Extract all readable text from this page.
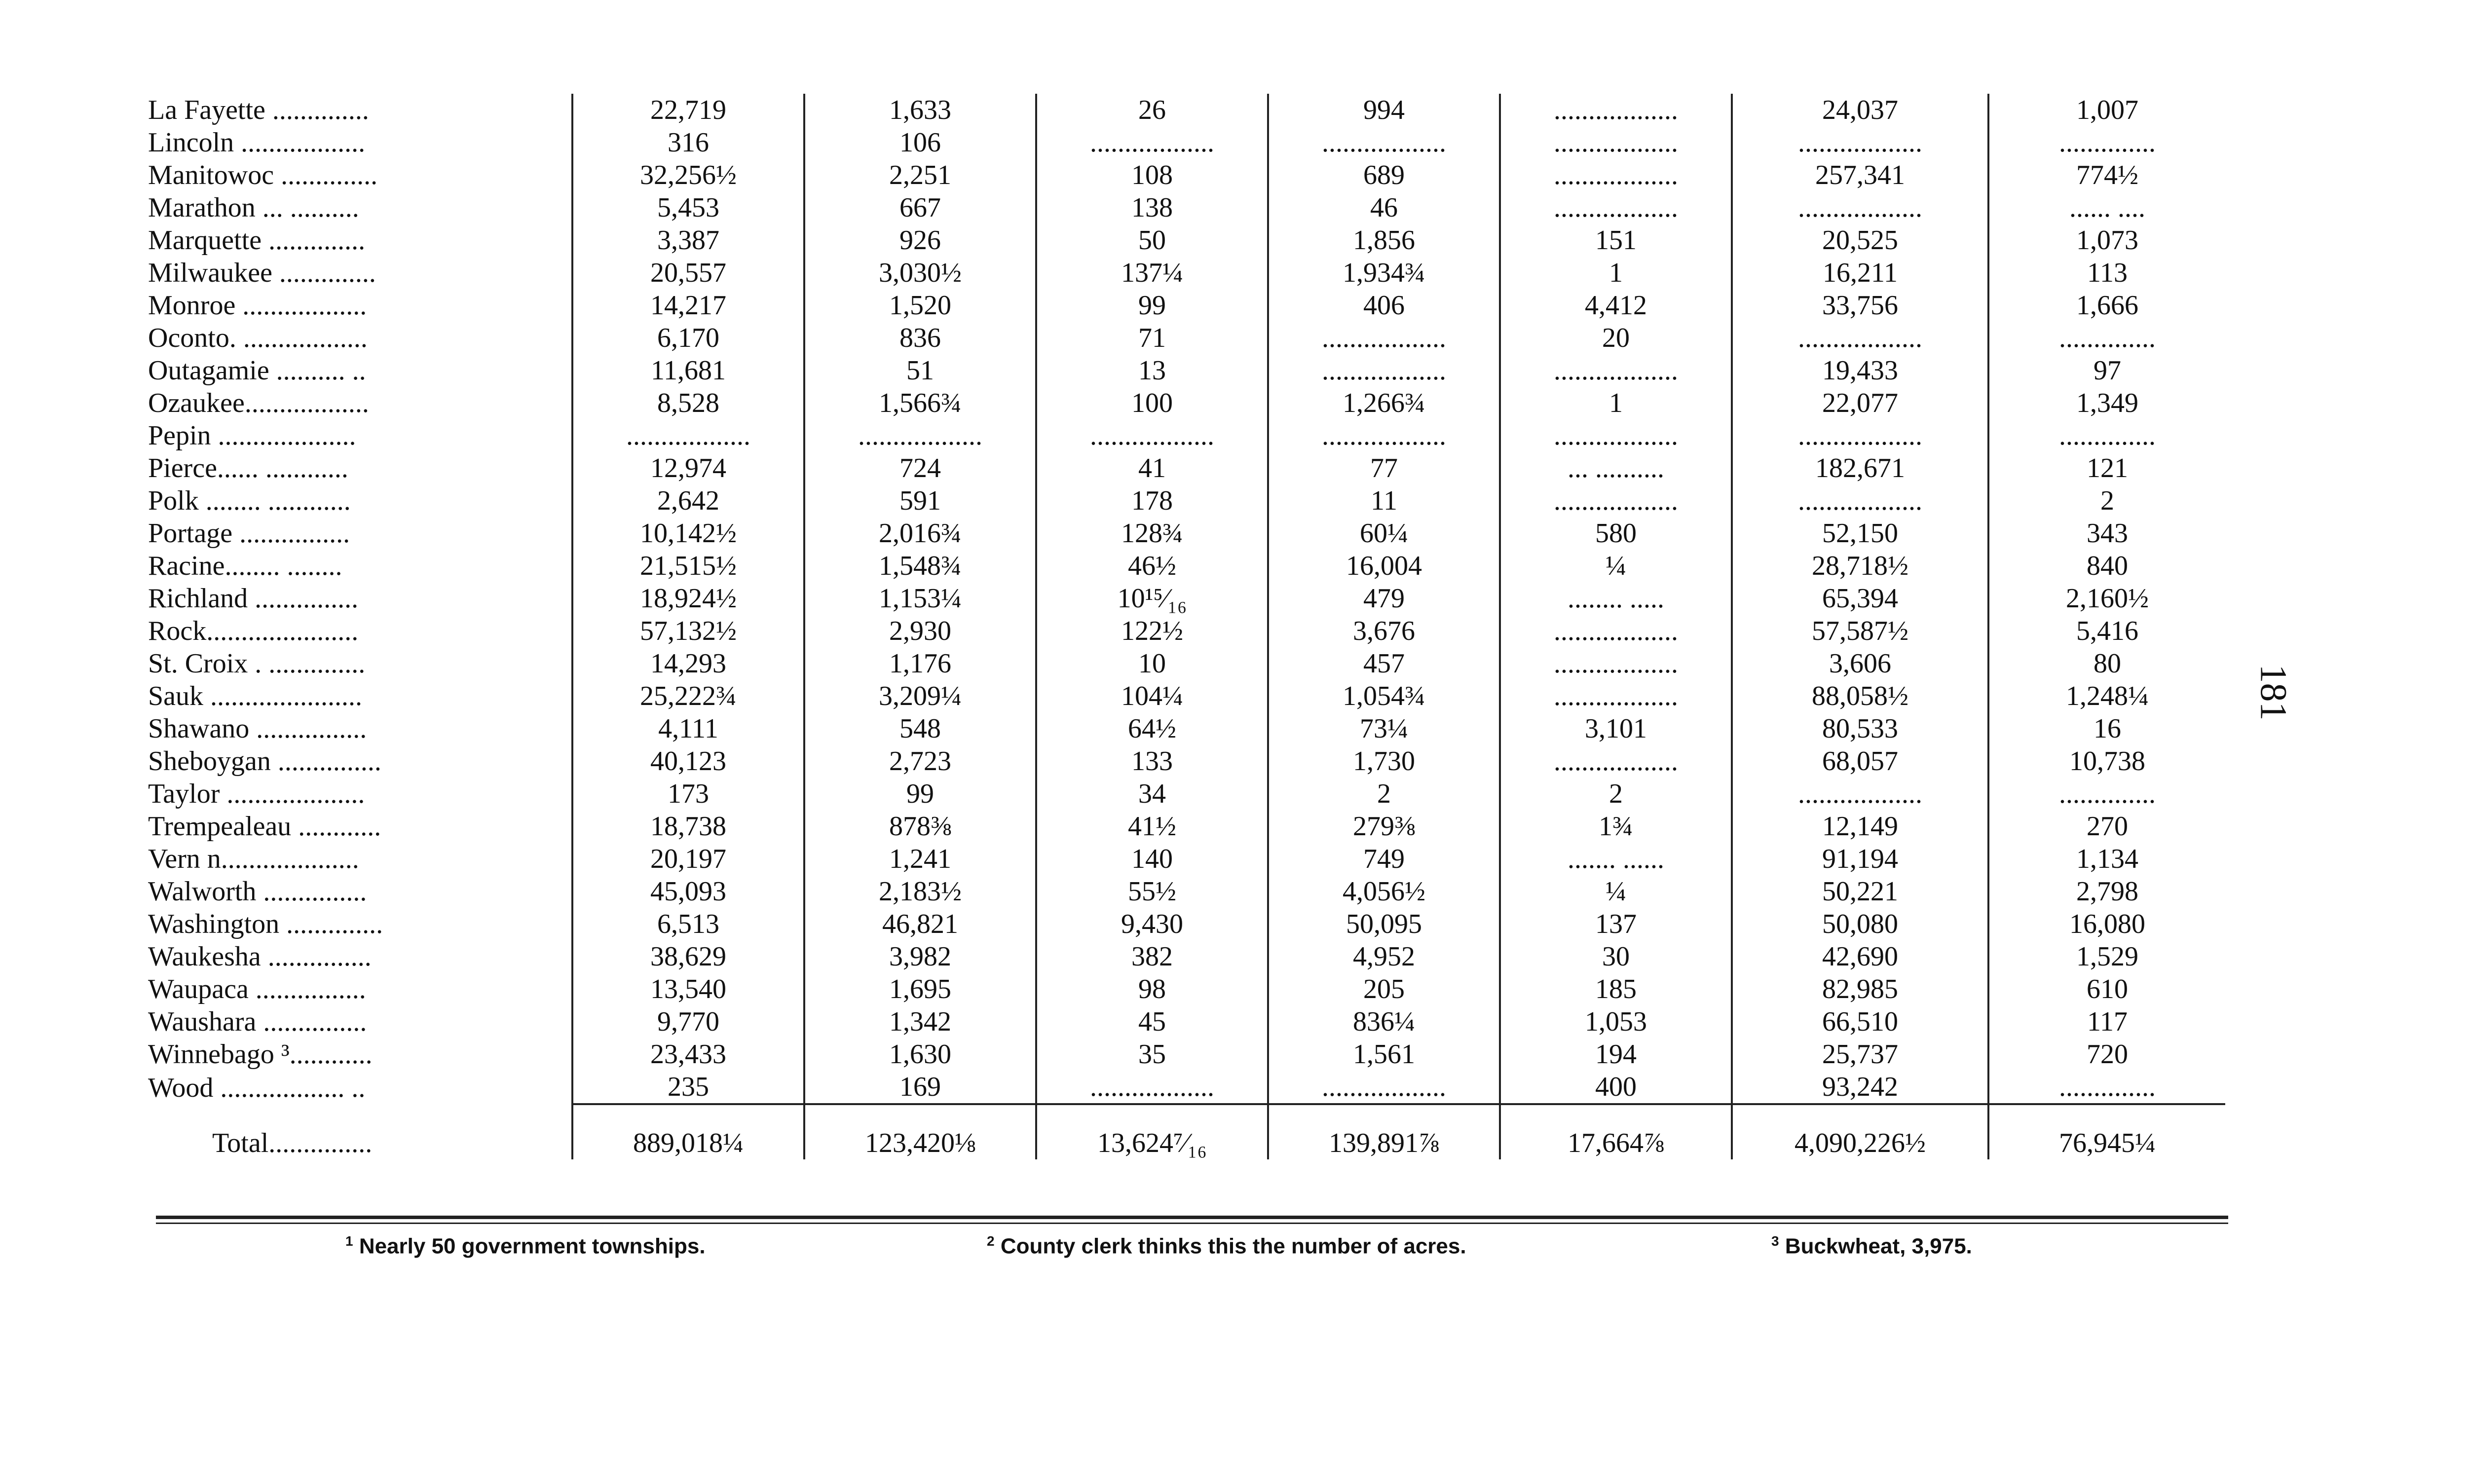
La Fayette ..............	22,719	1,633	26	994	..................	24,037	1,007
Lincoln ..................	316	106	..................	..................	..................	..................	..............
Manitowoc ..............	32,256½	2,251	108	689	..................	257,341	774½
Marathon ... ..........	5,453	667	138	46	..................	..................	...... ....
Marquette ..............	3,387	926	50	1,856	151	20,525	1,073
Milwaukee ..............	20,557	3,030½	137¼	1,934¾	1	16,211	113
Monroe ..................	14,217	1,520	99	406	4,412	33,756	1,666
Oconto. ..................	6,170	836	71	..................	20	..................	..............
Outagamie .......... ..	11,681	51	13	..................	..................	19,433	97
Ozaukee..................	8,528	1,566¾	100	1,266¾	1	22,077	1,349
Pepin ....................	..................	..................	..................	..................	..................	..................	..............
Pierce...... ............	12,974	724	41	77	... ..........	182,671	121
Polk ........ ............	2,642	591	178	11	..................	..................	2
Portage ................	10,142½	2,016¾	128¾	60¼	580	52,150	343
Racine........ ........	21,515½	1,548¾	46½	16,004	¼	28,718½	840
Richland ...............	18,924½	1,153¼	10¹⁵⁄₁₆	479	........ .....	65,394	2,160½
Rock......................	57,132½	2,930	122½	3,676	..................	57,587½	5,416
St. Croix . ..............	14,293	1,176	10	457	..................	3,606	80
Sauk ......................	25,222¾	3,209¼	104¼	1,054¾	..................	88,058½	1,248¼
Shawano ................	4,111	548	64½	73¼	3,101	80,533	16
Sheboygan ...............	40,123	2,723	133	1,730	..................	68,057	10,738
Taylor ....................	173	99	34	2	2	..................	..............
Trempealeau ............	18,738	878⅜	41½	279⅜	1¾	12,149	270
Vern n....................	20,197	1,241	140	749	....... ......	91,194	1,134
Walworth ...............	45,093	2,183½	55½	4,056½	¼	50,221	2,798
Washington ..............	6,513	46,821	9,430	50,095	137	50,080	16,080
Waukesha ...............	38,629	3,982	382	4,952	30	42,690	1,529
Waupaca ................	13,540	1,695	98	205	185	82,985	610
Waushara ...............	9,770	1,342	45	836¼	1,053	66,510	117
Winnebago ³............	23,433	1,630	35	1,561	194	25,737	720
Wood .................. ..	235	169	..................	..................	400	93,242	..............
Total...............	889,018¼	123,420⅛	13,624⁷⁄₁₆	139,891⅞	17,664⅞	4,090,226½	76,945¼
$^1$ Nearly 50 government townships.	$^2$ County clerk thinks this the number of acres.	$^3$ Buckwheat, 3,975.
181
